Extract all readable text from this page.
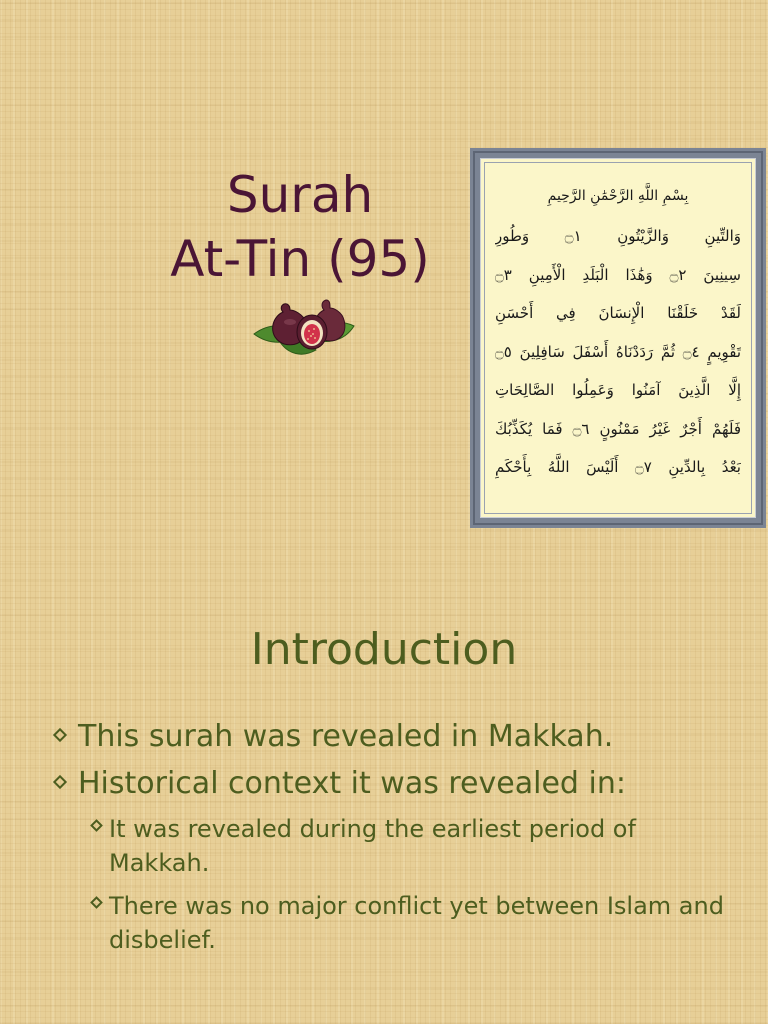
Surah
At-Tin (95)
بِسْمِ اللَّهِ الرَّحْمَٰنِ الرَّحِيمِ
وَالتِّينِ وَالزَّيْتُونِ ۝١ وَطُورِ
سِينِينَ ۝٢ وَهَٰذَا الْبَلَدِ الْأَمِينِ ۝٣
لَقَدْ خَلَقْنَا الْإِنسَانَ فِي أَحْسَنِ
تَقْوِيمٍ ۝٤ ثُمَّ رَدَدْنَاهُ أَسْفَلَ سَافِلِينَ ۝٥
إِلَّا الَّذِينَ آمَنُوا وَعَمِلُوا الصَّالِحَاتِ
فَلَهُمْ أَجْرٌ غَيْرُ مَمْنُونٍ ۝٦ فَمَا يُكَذِّبُكَ
بَعْدُ بِالدِّينِ ۝٧ أَلَيْسَ اللَّهُ بِأَحْكَمِ
Introduction
This surah was revealed in Makkah.
Historical context it was revealed in:
It was revealed during the earliest period of Makkah.
There was no major conflict yet between Islam and disbelief.
